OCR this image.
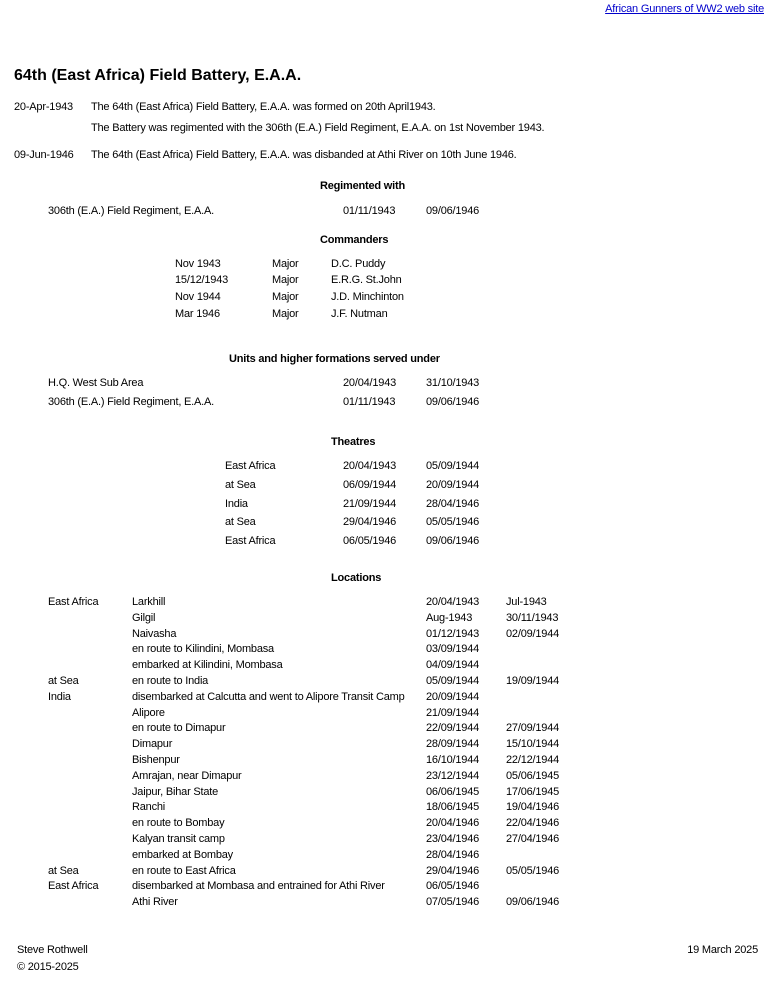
African Gunners of WW2 web site
64th (East Africa) Field Battery, E.A.A.
20-Apr-1943 The 64th (East Africa) Field Battery, E.A.A. was formed on 20th April1943.
The Battery was regimented with the 306th (E.A.) Field Regiment, E.A.A. on 1st November 1943.
09-Jun-1946 The 64th (East Africa) Field Battery, E.A.A. was disbanded at Athi River on 10th June 1946.
Regimented with
306th (E.A.) Field Regiment, E.A.A.	01/11/1943	09/06/1946
Commanders
Nov 1943	Major	D.C. Puddy
15/12/1943	Major	E.R.G. St.John
Nov 1944	Major	J.D. Minchinton
Mar 1946	Major	J.F. Nutman
Units and higher formations served under
H.Q. West Sub Area	20/04/1943	31/10/1943
306th (E.A.) Field Regiment, E.A.A.	01/11/1943	09/06/1946
Theatres
East Africa	20/04/1943	05/09/1944
at Sea	06/09/1944	20/09/1944
India	21/09/1944	28/04/1946
at Sea	29/04/1946	05/05/1946
East Africa	06/05/1946	09/06/1946
Locations
East Africa	Larkhill	20/04/1943 Jul-1943
Gilgil	Aug-1943	30/11/1943
Naivasha	01/12/1943 02/09/1944
en route to Kilindini, Mombasa	03/09/1944
embarked at Kilindini, Mombasa	04/09/1944
at Sea	en route to India	05/09/1944 19/09/1944
India	disembarked at Calcutta and went to Alipore Transit Camp 20/09/1944
Alipore	21/09/1944
en route to Dimapur	22/09/1944 27/09/1944
Dimapur	28/09/1944 15/10/1944
Bishenpur	16/10/1944 22/12/1944
Amrajan, near Dimapur	23/12/1944 05/06/1945
Jaipur, Bihar State	06/06/1945 17/06/1945
Ranchi	18/06/1945 19/04/1946
en route to Bombay	20/04/1946 22/04/1946
Kalyan transit camp	23/04/1946 27/04/1946
embarked at Bombay	28/04/1946
at Sea	en route to East Africa	29/04/1946 05/05/1946
East Africa	disembarked at Mombasa and entrained for Athi River	06/05/1946
Athi River	07/05/1946 09/06/1946
Steve Rothwell
© 2015-2025
19 March 2025
